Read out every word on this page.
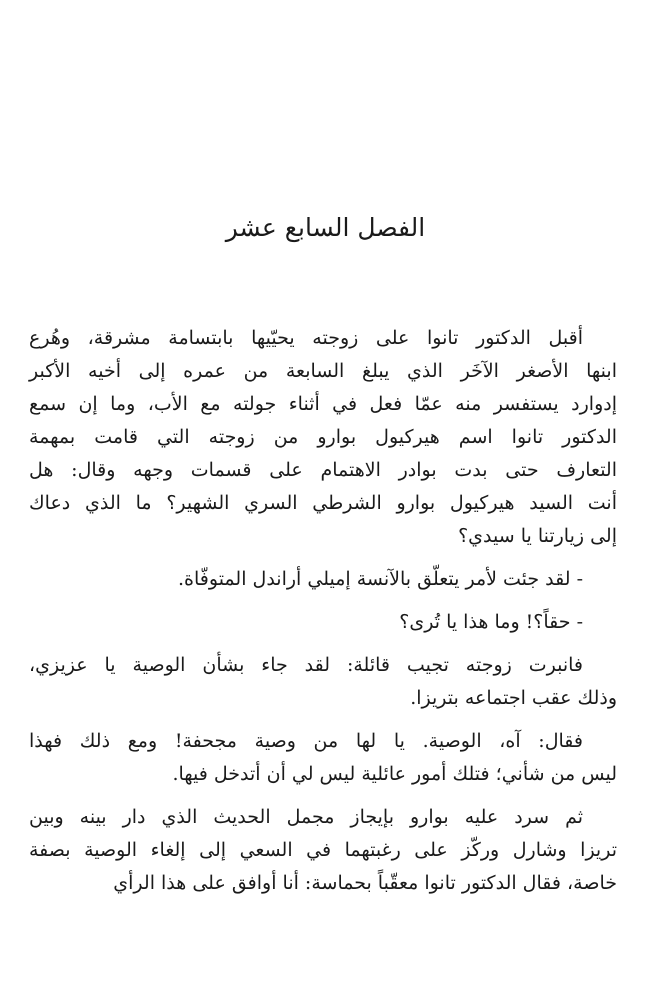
الفصل السابع عشر

أقبل الدكتور تانوا على زوجته يحيّيها بابتسامة مشرقة، وهُرع
ابنها الأصغر الآخَر الذي يبلغ السابعة من عمره إلى أخيه الأكبر
إدوارد يستفسر منه عمّا فعل في أثناء جولته مع الأب، وما إن سمع
الدكتور تانوا اسم هيركيول بوارو من زوجته التي قامت بمهمة
التعارف حتى بدت بوادر الاهتمام على قسمات وجهه وقال: هل
أنت السيد هيركيول بوارو الشرطي السري الشهير؟ ما الذي دعاك
إلى زيارتنا يا سيدي؟

- لقد جئت لأمر يتعلّق بالآنسة إميلي أراندل المتوفّاة.

- حقاً؟! وما هذا يا تُرى؟

فانبرت زوجته تجيب قائلة: لقد جاء بشأن الوصية يا عزيزي،
وذلك عقب اجتماعه بتريزا.

فقال: آه، الوصية. يا لها من وصية مجحفة! ومع ذلك فهذا
ليس من شأني؛ فتلك أمور عائلية ليس لي أن أتدخل فيها.

ثم سرد عليه بوارو بإيجاز مجمل الحديث الذي دار بينه وبين
تريزا وشارل وركّز على رغبتهما في السعي إلى إلغاء الوصية بصفة
خاصة، فقال الدكتور تانوا معقّباً بحماسة: أنا أوافق على هذا الرأي
